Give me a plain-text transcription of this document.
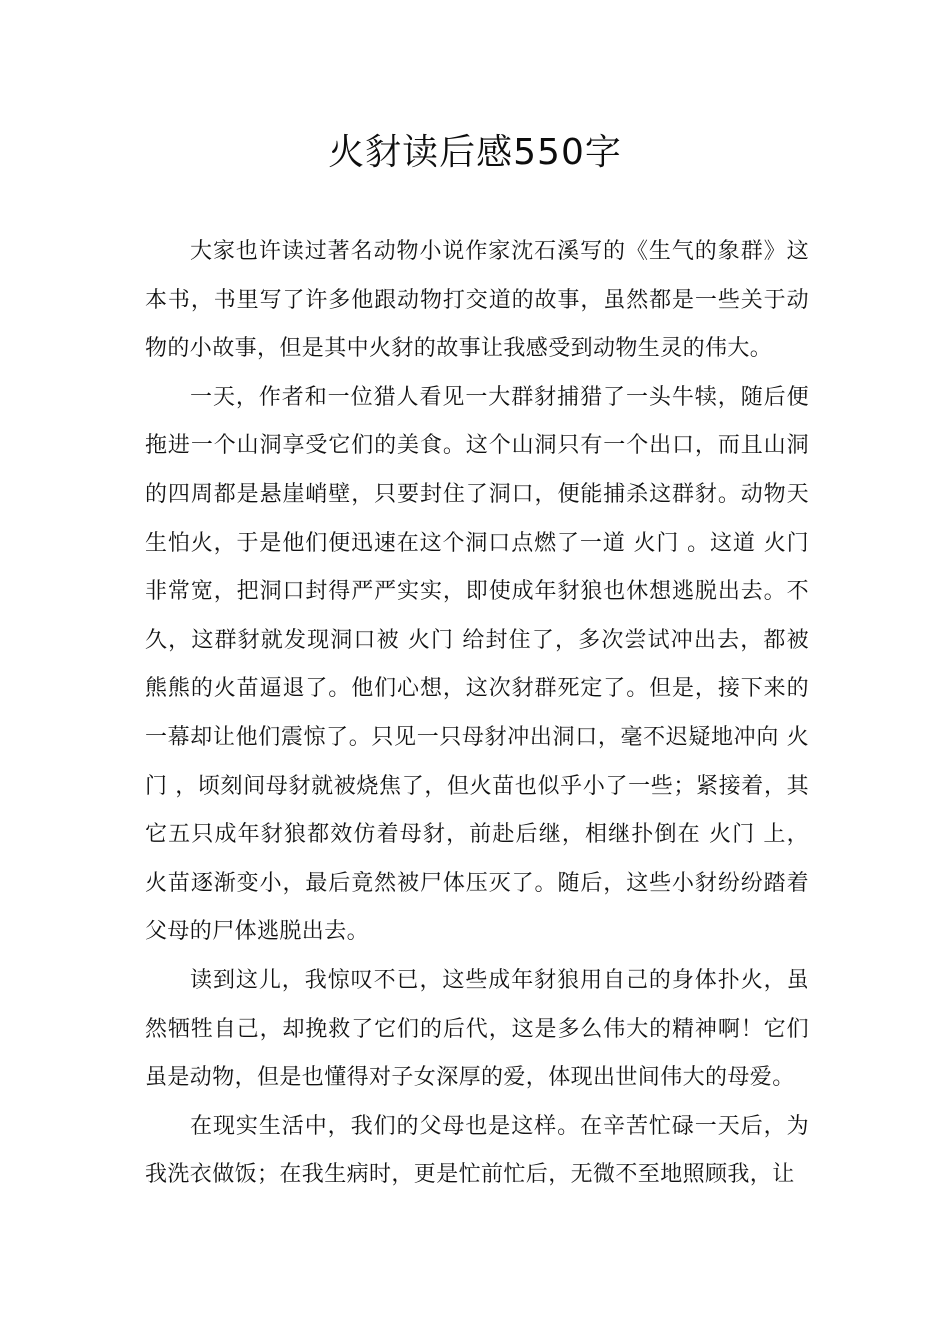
火豺读后感550字

大家也许读过著名动物小说作家沈石溪写的《生气的象群》这本书，书里写了许多他跟动物打交道的故事，虽然都是一些关于动物的小故事，但是其中火豺的故事让我感受到动物生灵的伟大。

一天，作者和一位猎人看见一大群豺捕猎了一头牛犊，随后便拖进一个山洞享受它们的美食。这个山洞只有一个出口，而且山洞的四周都是悬崖峭壁，只要封住了洞口，便能捕杀这群豺。动物天生怕火，于是他们便迅速在这个洞口点燃了一道 火门 。这道 火门非常宽，把洞口封得严严实实，即使成年豺狼也休想逃脱出去。不久，这群豺就发现洞口被 火门 给封住了，多次尝试冲出去，都被熊熊的火苗逼退了。他们心想，这次豺群死定了。但是，接下来的一幕却让他们震惊了。只见一只母豺冲出洞口，毫不迟疑地冲向 火门 ，顷刻间母豺就被烧焦了，但火苗也似乎小了一些；紧接着，其它五只成年豺狼都效仿着母豺，前赴后继，相继扑倒在 火门 上，火苗逐渐变小，最后竟然被尸体压灭了。随后，这些小豺纷纷踏着父母的尸体逃脱出去。

读到这儿，我惊叹不已，这些成年豺狼用自己的身体扑火，虽然牺牲自己，却挽救了它们的后代，这是多么伟大的精神啊！它们虽是动物，但是也懂得对子女深厚的爱，体现出世间伟大的母爱。

在现实生活中，我们的父母也是这样。在辛苦忙碌一天后，为我洗衣做饭；在我生病时，更是忙前忙后，无微不至地照顾我，让
